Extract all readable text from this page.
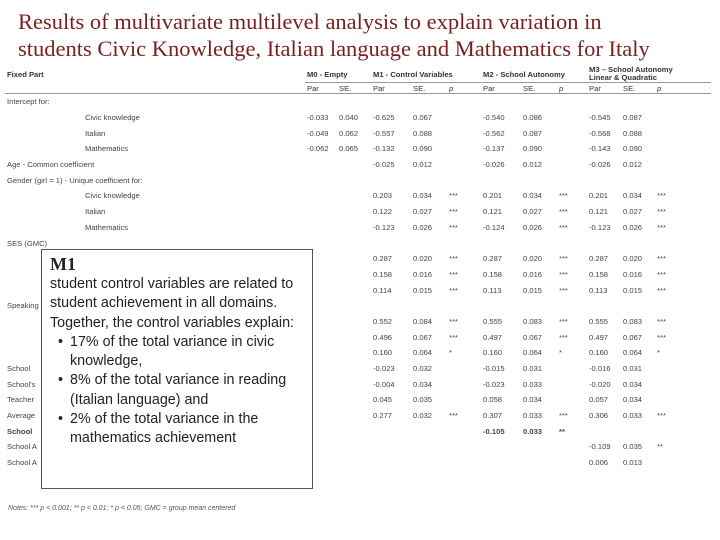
Results of multivariate multilevel analysis to explain variation in
students Civic Knowledge, Italian language and Mathematics for Italy
Fixed Part	M0 - Empty		M1 - Control Variables			M2 - School Autonomy			M3 – School Autonomy
Linear & Quadratic			
	Par	SE.	Par	SE.	p	Par	SE.	p	Par	SE.	p	
Intercept for:												
Civic knowledge	-0.033	0.040	-0.625	0.067		-0.540	0.086		-0.545	0.087		
Italian	-0.049	0.062	-0.557	0.088		-0.562	0.087		-0.568	0.088		
Mathematics	-0.062	0.065	-0.132	0.090		-0.137	0.090		-0.143	0.090		
Age - Common coefficient			-0.025	0.012		-0.026	0.012		-0.026	0.012		
Gender (girl = 1) - Unique coefficient for:												
Civic knowledge			0.203	0.034	***	0.201	0.034	***	0.201	0.034	***	
Italian			0.122	0.027	***	0.121	0.027	***	0.121	0.027	***	
Mathematics			-0.123	0.026	***	-0.124	0.026	***	-0.123	0.026	***	
SES (GMC)												
			0.287	0.020	***	0.287	0.020	***	0.287	0.020	***	
			0.158	0.016	***	0.158	0.016	***	0.158	0.016	***	
			0.114	0.015	***	0.113	0.015	***	0.113	0.015	***	
Speaking												
			0.552	0.084	***	0.555	0.083	***	0.555	0.083	***	
			0.496	0.067	***	0.497	0.067	***	0.497	0.067	***	
			0.160	0.064	*	0.160	0.064	*	0.160	0.064	*	
School			-0.023	0.032		-0.015	0.031		-0.016	0.031		
School's			-0.004	0.034		-0.023	0.033		-0.020	0.034		
Teacher			0.045	0.035		0.058	0.034		0.057	0.034		
Average			0.277	0.032	***	0.307	0.033	***	0.306	0.033	***	
School						-0.105	0.033	**				
School A									-0.109	0.035	**	
School A									0.006	0.013		
Notes: *** p < 0.001; ** p < 0.01; * p < 0.05; GMC = group mean centered
M1
student control variables are related to student achievement in all domains.
Together, the control variables explain:
• 17% of the total variance in civic knowledge,
• 8% of the total variance in reading (Italian language) and
• 2% of the total variance in the mathematics achievement
